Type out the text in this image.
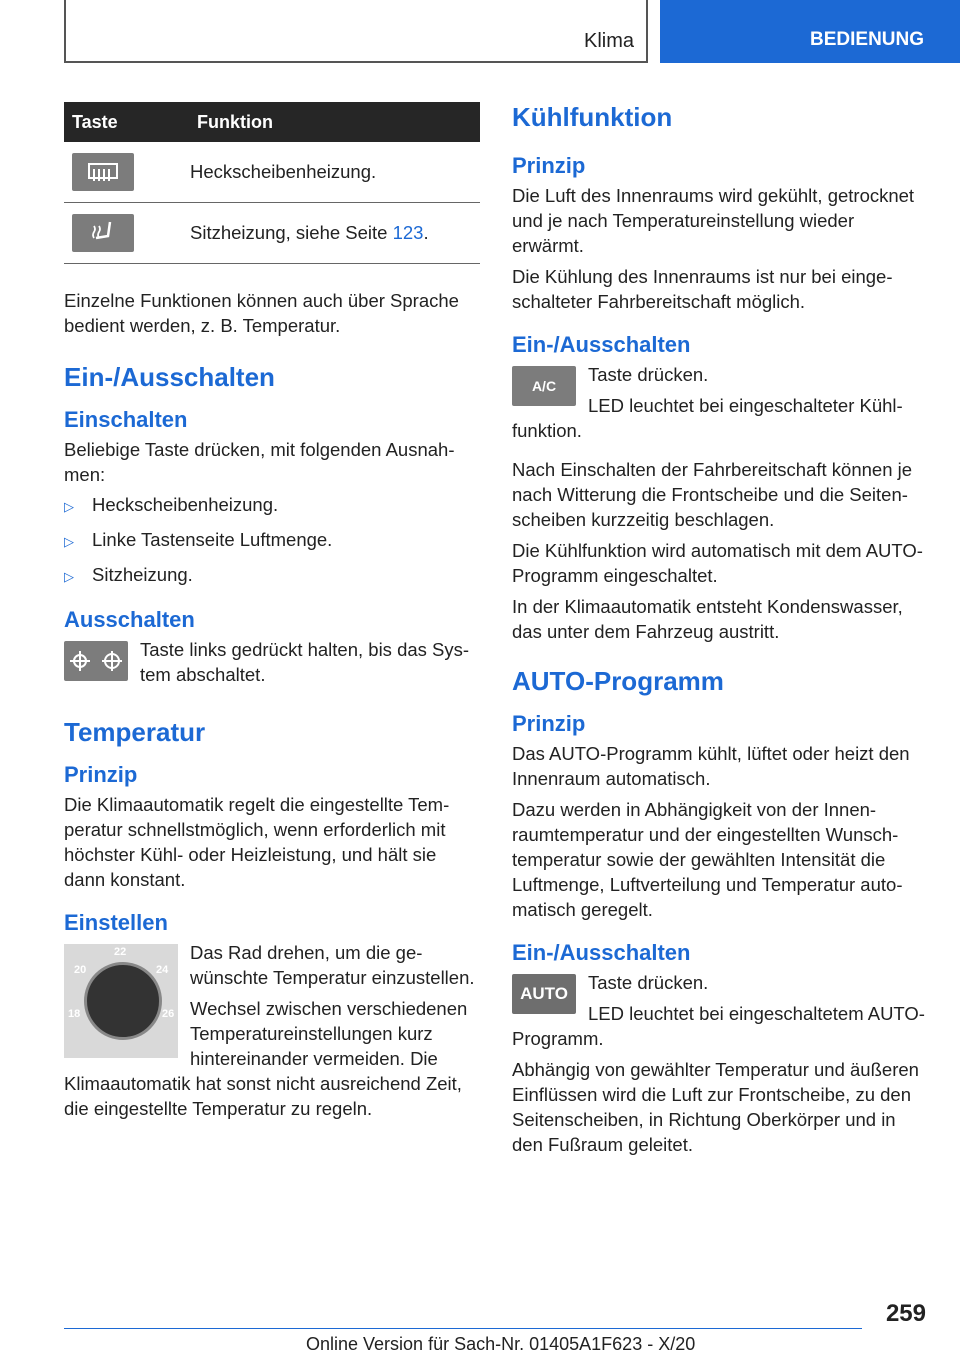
Klima	BEDIENUNG
Taste	Funktion

	Heckscheibenheizung.

	Sitzheizung, siehe Seite 123.

Einzelne Funktionen können auch über Sprache bedient werden, z. B. Temperatur.

Ein-/Ausschalten
Einschalten

Beliebige Taste drücken, mit folgenden Ausnahmen:

▷ Heckscheibenheizung.
▷ Linke Tastenseite Luftmenge.
▷ Sitzheizung.
Ausschalten

Taste links gedrückt halten, bis das System abschaltet.

Temperatur
Prinzip

Die Klimaautomatik regelt die eingestellte Temperatur schnellstmöglich, wenn erforderlich mit höchster Kühl- oder Heizleistung, und hält sie dann konstant.

Einstellen
22
20	24
18	26

Das Rad drehen, um die gewünschte Temperatur einzustellen.

Wechsel zwischen verschiedenen Temperatureinstellungen kurz hintereinander vermeiden. Die Klimaautomatik hat sonst nicht ausreichend Zeit, die eingestellte Temperatur zu regeln.

Kühlfunktion
Prinzip

Die Luft des Innenraums wird gekühlt, getrocknet und je nach Temperatureinstellung wieder erwärmt.

Die Kühlung des Innenraums ist nur bei eingeschalteter Fahrbereitschaft möglich.

Ein-/Ausschalten
A/C

Taste drücken.

LED leuchtet bei eingeschalteter Kühlfunktion.

Nach Einschalten der Fahrbereitschaft können je nach Witterung die Frontscheibe und die Seitenscheiben kurzzeitig beschlagen.

Die Kühlfunktion wird automatisch mit dem AUTO-Programm eingeschaltet.

In der Klimaautomatik entsteht Kondenswasser, das unter dem Fahrzeug austritt.

AUTO-Programm
Prinzip

Das AUTO-Programm kühlt, lüftet oder heizt den Innenraum automatisch.

Dazu werden in Abhängigkeit von der Innenraumtemperatur und der eingestellten Wunschtemperatur sowie der gewählten Intensität die Luftmenge, Luftverteilung und Temperatur automatisch geregelt.

Ein-/Ausschalten
AUTO

Taste drücken.

LED leuchtet bei eingeschaltetem AUTO-Programm.

Abhängig von gewählter Temperatur und äußeren Einflüssen wird die Luft zur Frontscheibe, zu den Seitenscheiben, in Richtung Oberkörper und in den Fußraum geleitet.

259
Online Version für Sach-Nr. 01405A1F623 - X/20
